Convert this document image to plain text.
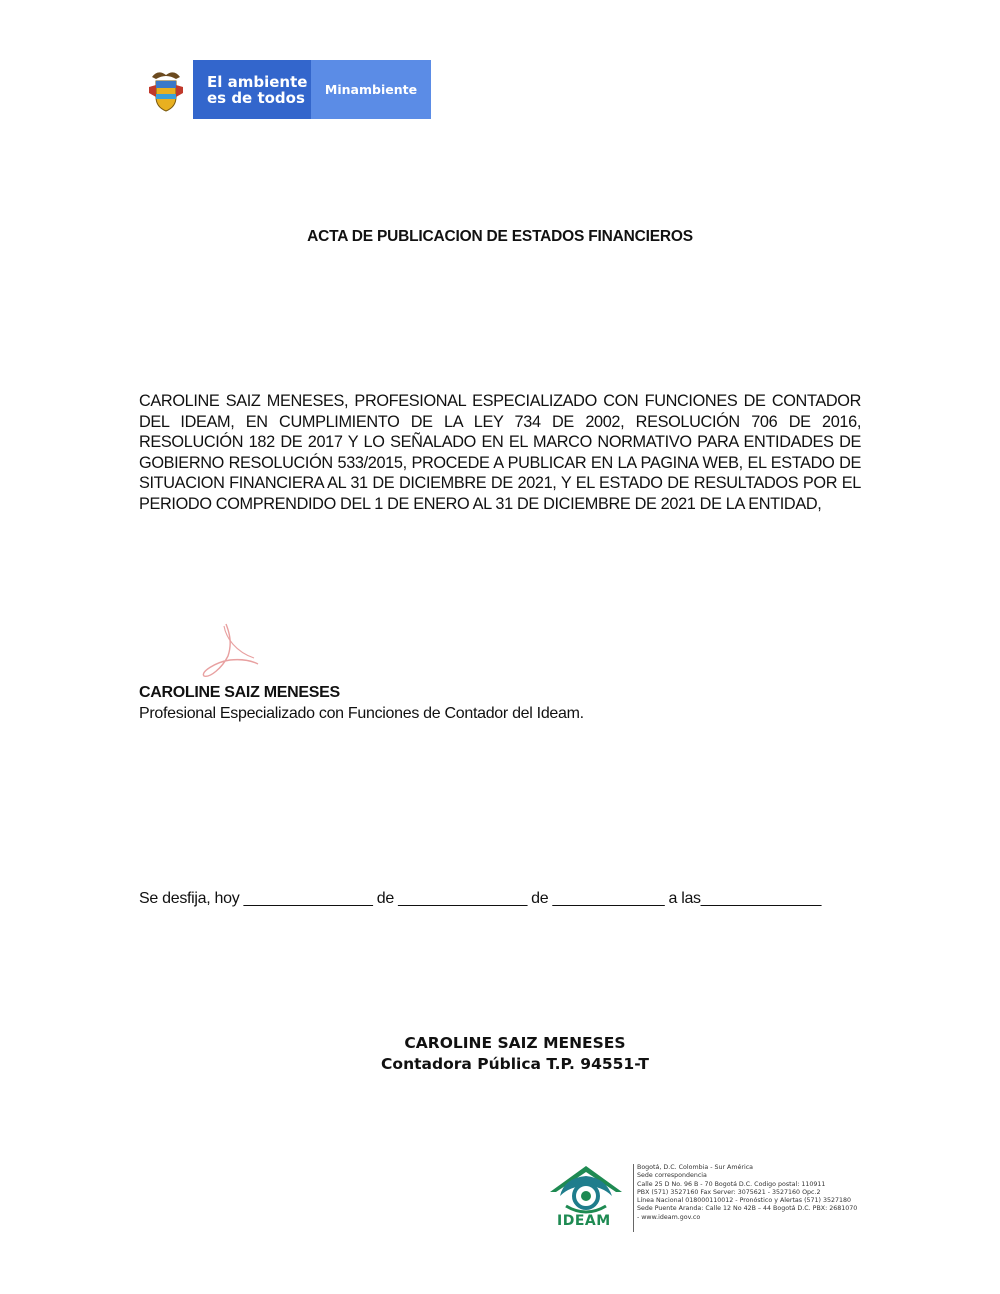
El ambiente
es de todos	Minambiente
ACTA DE PUBLICACION DE ESTADOS FINANCIEROS
CAROLINE SAIZ MENESES, PROFESIONAL ESPECIALIZADO CON FUNCIONES DE CONTADOR DEL IDEAM, EN CUMPLIMIENTO DE LA LEY 734 DE 2002, RESOLUCIÓN 706 DE 2016, RESOLUCIÓN 182 DE 2017 Y LO SEÑALADO EN EL MARCO NORMATIVO PARA ENTIDADES DE GOBIERNO RESOLUCIÓN 533/2015, PROCEDE A PUBLICAR EN LA PAGINA WEB, EL ESTADO DE SITUACION FINANCIERA AL 31 DE DICIEMBRE DE 2021, Y EL ESTADO DE RESULTADOS POR EL PERIODO COMPRENDIDO DEL 1 DE ENERO AL 31 DE DICIEMBRE DE 2021 DE LA ENTIDAD,
CAROLINE SAIZ MENESES
Profesional Especializado con Funciones de Contador del Ideam.
Se desfija, hoy _______________ de _______________ de _____________ a las______________
CAROLINE SAIZ MENESES
Contadora Pública T.P. 94551-T
IDEAM
Bogotá, D.C. Colombia - Sur América
Sede correspondencia
Calle 25 D No. 96 B - 70 Bogotá D.C. Codigo postal: 110911
PBX (571) 3527160 Fax Server: 3075621 - 3527160 Opc.2
Línea Nacional 018000110012 - Pronóstico y Alertas (571) 3527180
Sede Puente Aranda: Calle 12 No 42B – 44 Bogotá D.C. PBX: 2681070
- www.ideam.gov.co
